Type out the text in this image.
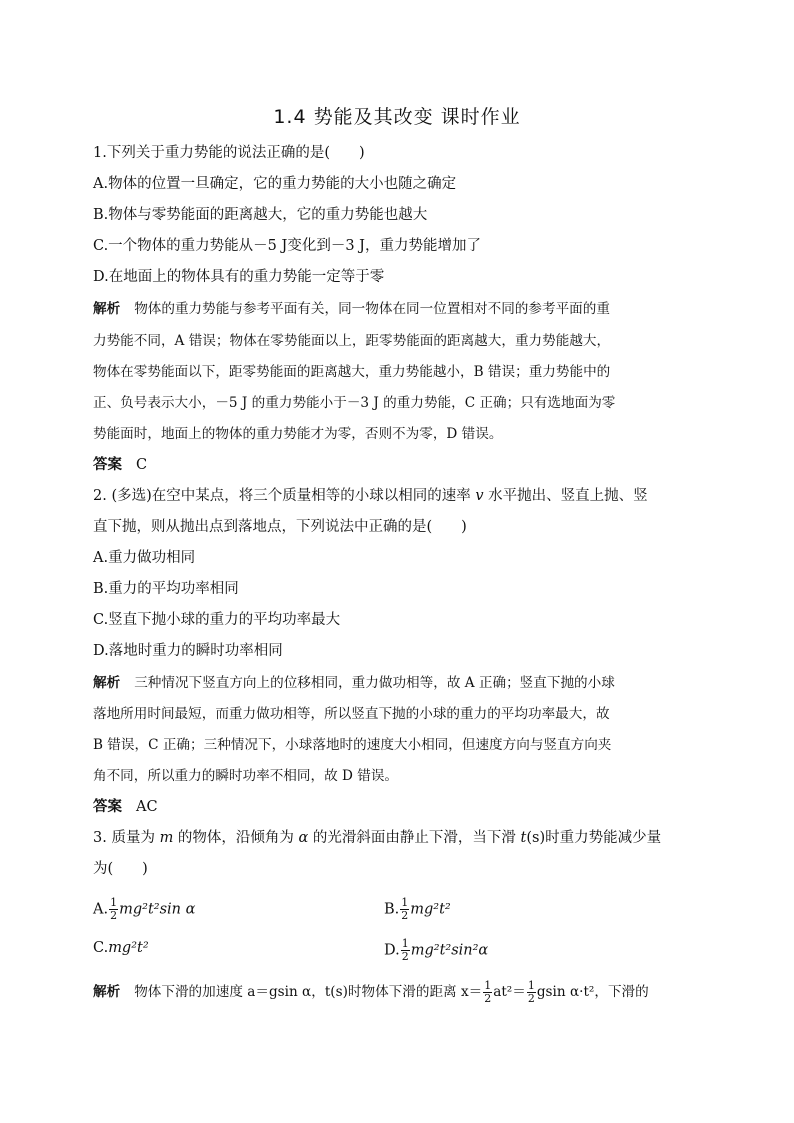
1.4 势能及其改变 课时作业
1.下列关于重力势能的说法正确的是(　　)
A.物体的位置一旦确定，它的重力势能的大小也随之确定
B.物体与零势能面的距离越大，它的重力势能也越大
C.一个物体的重力势能从－5 J变化到－3 J，重力势能增加了
D.在地面上的物体具有的重力势能一定等于零
解析 物体的重力势能与参考平面有关，同一物体在同一位置相对不同的参考平面的重
力势能不同，A 错误；物体在零势能面以上，距零势能面的距离越大，重力势能越大，
物体在零势能面以下，距零势能面的距离越大，重力势能越小，B 错误；重力势能中的
正、负号表示大小，－5 J 的重力势能小于－3 J 的重力势能，C 正确；只有选地面为零
势能面时，地面上的物体的重力势能才为零，否则不为零，D 错误。
答案 C
2. (多选)在空中某点，将三个质量相等的小球以相同的速率 v 水平抛出、竖直上抛、竖
直下抛，则从抛出点到落地点，下列说法中正确的是(　　)
A.重力做功相同
B.重力的平均功率相同
C.竖直下抛小球的重力的平均功率最大
D.落地时重力的瞬时功率相同
解析 三种情况下竖直方向上的位移相同，重力做功相等，故 A 正确；竖直下抛的小球
落地所用时间最短，而重力做功相等，所以竖直下抛的小球的重力的平均功率最大，故
B 错误，C 正确；三种情况下，小球落地时的速度大小相同，但速度方向与竖直方向夹
角不同，所以重力的瞬时功率不相同，故 D 错误。
答案 AC
3. 质量为 m 的物体，沿倾角为 α 的光滑斜面由静止下滑，当下滑 t(s)时重力势能减少量
为(　　)
A. $\frac{1}{2} mg^2t^2\sin$ α	B. $\frac{1}{2} mg^2t^2$
C.mg²t²	D. $\frac{1}{2} mg^2t^2\sin^2\alpha$
解析 物体下滑的加速度 a＝gsin α，t(s)时物体下滑的距离 $x= \frac{1}{2} at^2= \frac{1}{2}$ gsin α·t²，下滑的
